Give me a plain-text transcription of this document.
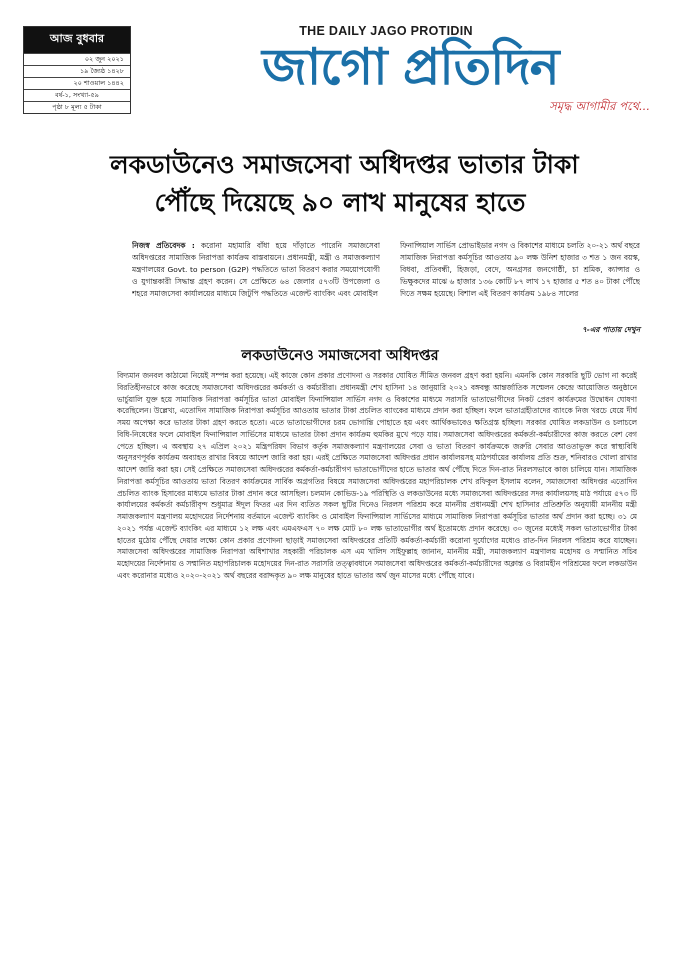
আজ বুধবার
০২ জুন ২০২১
১৯ জ্যৈষ্ঠ ১৪২৮
২০ শাওয়াল ১৪৪২
বর্ষ-১, সংখ্যা-৫৯
পৃষ্ঠা ৮ মূল্য ৫ টাকা
THE DAILY JAGO PROTIDIN
জাগো প্রতিদিন
সমৃদ্ধ আগামীর পথে...
লকডাউনেও সমাজসেবা অধিদপ্তর ভাতার টাকা
পৌঁছে দিয়েছে ৯০ লাখ মানুষের হাতে
নিজস্ব প্রতিবেদক : করোনা মহামারি বাঁধা হয়ে দাঁড়াতে পারেনি সমাজসেবা অধিদপ্তরের সামাজিক নিরাপত্তা কার্যক্রম বাস্তবায়নে। প্রধানমন্ত্রী, মন্ত্রী ও সমাজকল্যাণ মন্ত্রণালয়ের Govt. to person (G2P) পদ্ধতিতে ভাতা বিতরণ করার সময়োপযোগী ও যুগান্তকারী সিদ্ধান্ত গ্রহণ করেন। সে প্রেক্ষিতে ৬৪ জেলার ৫৭৩টি উপজেলা ও শহরে সমাজসেবা কার্যালয়ের মাধ্যমে জিটুপি পদ্ধতিতে এজেন্ট ব্যাংকিং এবং মোবাইল
ফিনান্সিয়াল সার্ভিস প্রোভাইডার নগদ ও বিকাশের মাধ্যমে চলতি ২০-২১ অর্থ বছরে সামাজিক নিরাপত্তা কর্মসূচির আওতায় ৯০ লক্ষ উনিশ হাজার ৩ শত ১ জন বয়স্ক, বিধবা, প্রতিবন্ধী, হিজড়া, বেদে, অনগ্রসর জনগোষ্ঠী, চা শ্রমিক, ক্যান্সার ও ভিক্ষুকদের মাঝে ৬ হাজার ১৩৬ কোটি ৮৭ লাখ ১৭ হাজার ৫ শত ৪০ টাকা পৌঁছে দিতে সক্ষম হয়েছে। বিশাল এই বিতরণ কার্যক্রম ১৯৮৪ সালের
৭-এর পাতায় দেখুন
লকডাউনেও সমাজসেবা অধিদপ্তর
বিদ্যমান জনবল কাঠামো নিয়েই সম্পন্ন করা হয়েছে। এই কাজে কোন প্রকার প্রণোদনা ও সরকার ঘোষিত সীমিত জনবল গ্রহণ করা হয়নি। এমনকি কোন সরকারি ছুটি ভোগ না করেই বিরতিহীনভাবে কাজ করেছে সমাজসেবা অধিদপ্তরের কর্মকর্তা ও কর্মচারীরা। প্রধানমন্ত্রী শেখ হাসিনা ১৪ জানুয়ারি ২০২১ বঙ্গবন্ধু আন্তর্জাতিক সম্মেলন কেন্দ্রে আয়োজিত অনুষ্ঠানে ভার্চুয়ালি যুক্ত হয়ে সামাজিক নিরাপত্তা কর্মসূচির ভাতা মোবাইল ফিনান্সিয়াল সার্ভিস নগদ ও বিকাশের মাধ্যমে সরাসরি ভাতাভোগীদের নিকট প্রেরণ কার্যক্রমের উদ্বোধন ঘোষণা করেছিলেন। উল্লেখ্য, এতোদিন সামাজিক নিরাপত্তা কর্মসূচির আওতায় ভাতার টাকা প্রচলিত ব্যাংকের মাধ্যমে প্রদান করা হচ্ছিল। ফলে ভাতাগ্রহীতাদের ব্যাংকে নিজ খরচে যেয়ে দীর্ঘ সময় অপেক্ষা করে ভাতার টাকা গ্রহণ করতে হতো। এতে ভাতাভোগীদের চরম ভোগান্তি পোহাতে হয় এবং আর্থিকভাবেও ক্ষতিগ্রস্ত হচ্ছিল। সরকার ঘোষিত লকডাউন ও চলাচলে বিধি-নিষেধের ফলে মোবাইল ফিনান্সিয়াল সার্ভিসের মাধ্যমে ভাতার টাকা প্রদান কার্যক্রম হুমকির মুখে পড়ে যায়। সমাজসেবা অধিদপ্তরের কর্মকর্তা-কর্মচারীদের কাজ করতে বেশ বেগ পেতে হচ্ছিল। এ অবস্থায় ২৭ এপ্রিল ২০২১ মন্ত্রিপরিষদ বিভাগ কর্তৃক সমাজকল্যাণ মন্ত্রণালয়ের সেবা ও ভাতা বিতরণ কার্যক্রমকে জরুরি সেবার আওতাভুক্ত করে স্বাস্থ্যবিধি অনুসরণপূর্বক কার্যক্রম অব্যাহত রাখার বিষয়ে আদেশ জারি করা হয়। এরই প্রেক্ষিতে সমাজসেবা অধিদপ্তর প্রধান কার্যালয়সহ মাঠপর্যায়ের কার্যালয় প্রতি শুক্র, শনিবারও খোলা রাখার আদেশ জারি করা হয়। সেই প্রেক্ষিতে সমাজসেবা অধিদপ্তরের কর্মকর্তা-কর্মচারীগণ ভাতাভোগীদের হাতে ভাতার অর্থ পৌঁছে দিতে দিন-রাত নিরলসভাবে কাজ চালিয়ে যান। সামাজিক নিরাপত্তা কর্মসূচির আওতায় ভাতা বিতরণ কার্যক্রমের সার্বিক অগ্রগতির বিষয়ে সমাজসেবা অধিদপ্তরের মহাপরিচালক শেখ রফিকুল ইসলাম বলেন, সমাজসেবা অধিদপ্তর এতোদিন প্রচলিত ব্যাংক হিসাবের মাধ্যমে ভাতার টাকা প্রদান করে আসছিল। চলমান কোভিড-১৯ পরিস্থিতি ও লকডাউনের মধ্যে সমাজসেবা অধিদপ্তরের সদর কার্যালয়সহ মাঠ পর্যায়ে ৫৭৩ টি কার্যালয়ের কর্মকর্তা কর্মচারীবৃন্দ শুধুমাত্র ঈদুল ফিতর এর দিন ব্যতিত সকল ছুটির দিনেও নিরলস পরিশ্রম করে মাননীয় প্রধানমন্ত্রী শেখ হাসিনার প্রতিশ্রুতি অনুযায়ী মাননীয় মন্ত্রী সমাজকল্যাণ মন্ত্রণালয় মহোদয়ের নির্দেশনায় বর্তমানে এজেন্ট ব্যাংকিং ও মোবাইল ফিনান্সিয়াল সার্ভিসের মাধ্যমে সামাজিক নিরাপত্তা কর্মসূচির ভাতার অর্থ প্রদান করা হচ্ছে। ৩১ মে ২০২১ পর্যন্ত এজেন্ট ব্যাংকিং এর মাধ্যমে ১২ লক্ষ এবং এমএফএস ৭০ লক্ষ মোট ৮০ লক্ষ ভাতাভোগীর অর্থ ইতোমধ্যে প্রদান করেছে। ৩০ জুনের মধ্যেই সকল ভাতাভোগীর টাকা হাতের মুঠোয় পৌঁছে দেয়ার লক্ষ্যে কোন প্রকার প্রণোদনা ছাড়াই সমাজসেবা অধিদপ্তরের প্রতিটি কর্মকর্তা-কর্মচারী করোনা দুর্যোগের মধ্যেও রাত-দিন নিরলস পরিশ্রম করে যাচ্ছেন। সমাজসেবা অধিদপ্তরের সামাজিক নিরাপত্তা অধিশাখার সহকারী পরিচালক এস এম খালিদ সাইফুল্লাহ জানান, মাননীয় মন্ত্রী, সমাজকল্যাণ মন্ত্রণালয় মহোদয় ও সম্মানিত সচিব মহোদয়ের নির্দেশনায় ও সম্মানিত মহাপরিচালক মহোদয়ের দিন-রাত সরাসরি তত্ত্বাবধানে সমাজসেবা অধিদপ্তরের কর্মকর্তা-কর্মচারীদের অক্লান্ত ও বিরামহীন পরিশ্রমের ফলে লকডাউন এবং করোনার মধ্যেও ২০২০-২০২১ অর্থ বছরের বরাদ্দকৃত ৯০ লক্ষ মানুষের হাতে ভাতার অর্থ জুন মাসের মধ্যে পৌঁছে যাবে।
